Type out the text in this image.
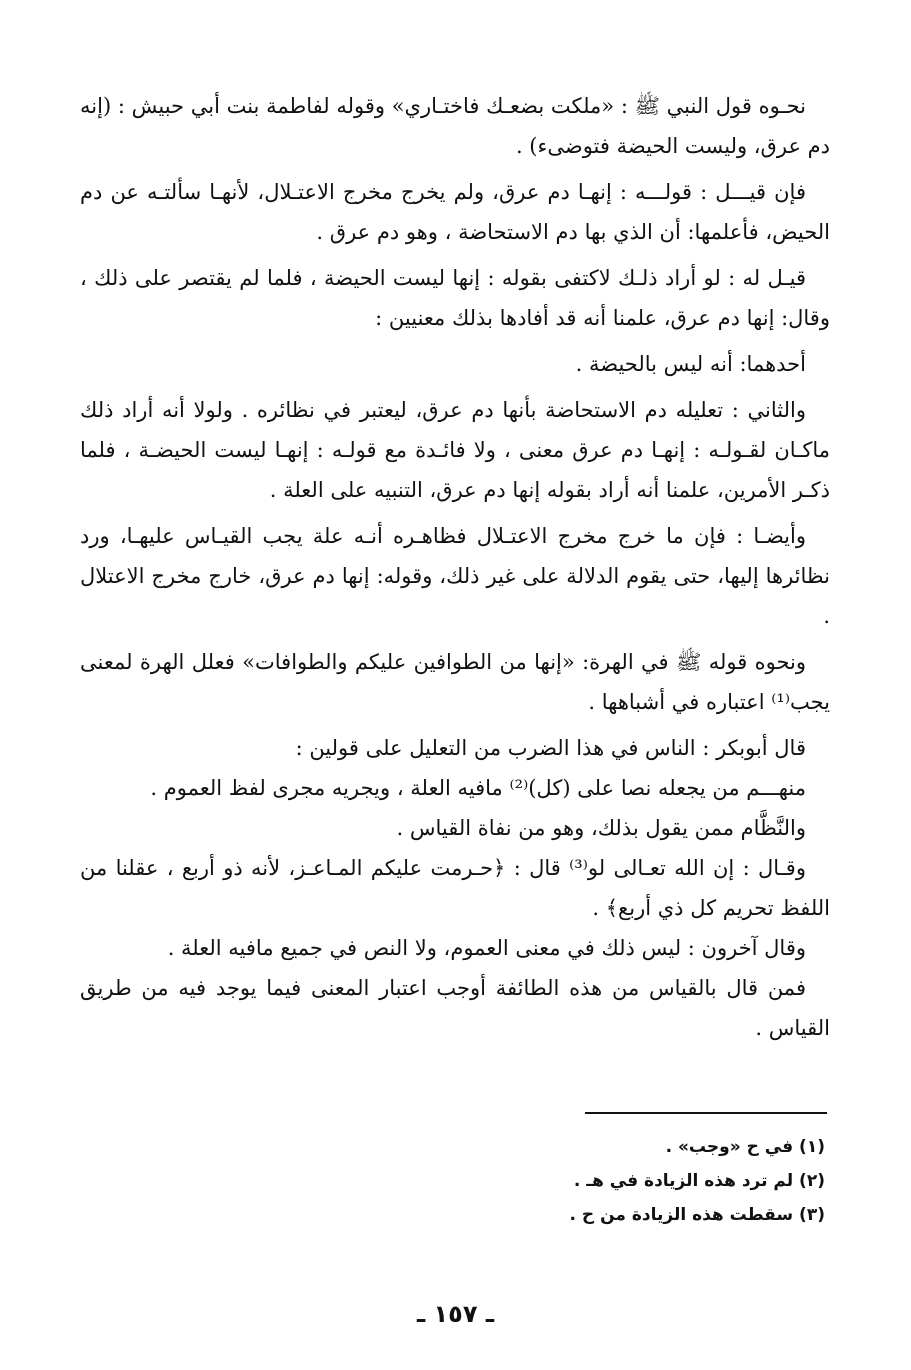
نحـوه قول النبي ﷺ : «ملكت بضعـك فاختـاري» وقوله لفاطمة بنت أبي حبيش : (إنه دم عرق، وليست الحيضة فتوضىء) .

فإن قيـــل : قولـــه : إنهـا دم عرق، ولم يخرج مخرج الاعتـلال، لأنهـا سألتـه عن دم الحيض، فأعلمها: أن الذي بها دم الاستحاضة ، وهو دم عرق .

قيـل له : لو أراد ذلـك لاكتفى بقوله : إنها ليست الحيضة ، فلما لم يقتصر على ذلك ، وقال: إنها دم عرق، علمنا أنه قد أفادها بذلك معنيين :

أحدهما: أنه ليس بالحيضة .

والثاني : تعليله دم الاستحاضة بأنها دم عرق، ليعتبر في نظائره . ولولا أنه أراد ذلك ماكـان لقـولـه : إنهـا دم عرق معنى ، ولا فائـدة مع قولـه : إنهـا ليست الحيضـة ، فلما ذكـر الأمرين، علمنا أنه أراد بقوله إنها دم عرق، التنبيه على العلة .

وأيضـا : فإن ما خرج مخرج الاعتـلال فظاهـره أنـه علة يجب القيـاس عليهـا، ورد نظائرها إليها، حتى يقوم الدلالة على غير ذلك، وقوله: إنها دم عرق، خارج مخرج الاعتلال .

ونحوه قوله ﷺ في الهرة: «إنها من الطوافين عليكم والطوافات» فعلل الهرة لمعنى يجب⁽¹⁾ اعتباره في أشباهها .

قال أبوبكر : الناس في هذا الضرب من التعليل على قولين :

منهـــم من يجعله نصا على (كل)⁽²⁾ مافيه العلة ، ويجريه مجرى لفظ العموم .

والنَّظَّام ممن يقول بذلك، وهو من نفاة القياس .

وقـال : إن الله تعـالى لو⁽³⁾ قال : ﴿حـرمت عليكم المـاعـز، لأنه ذو أربع ، عقلنا من اللفظ تحريم كل ذي أربع﴾ .

وقال آخرون : ليس ذلك في معنى العموم، ولا النص في جميع مافيه العلة .

فمن قال بالقياس من هذه الطائفة أوجب اعتبار المعنى فيما يوجد فيه من طريق القياس .

(١) في ح «وجب» .

(٢) لم ترد هذه الزيادة في هـ .

(٣) سقطت هذه الزيادة من ح .

ـ ١٥٧ ـ
